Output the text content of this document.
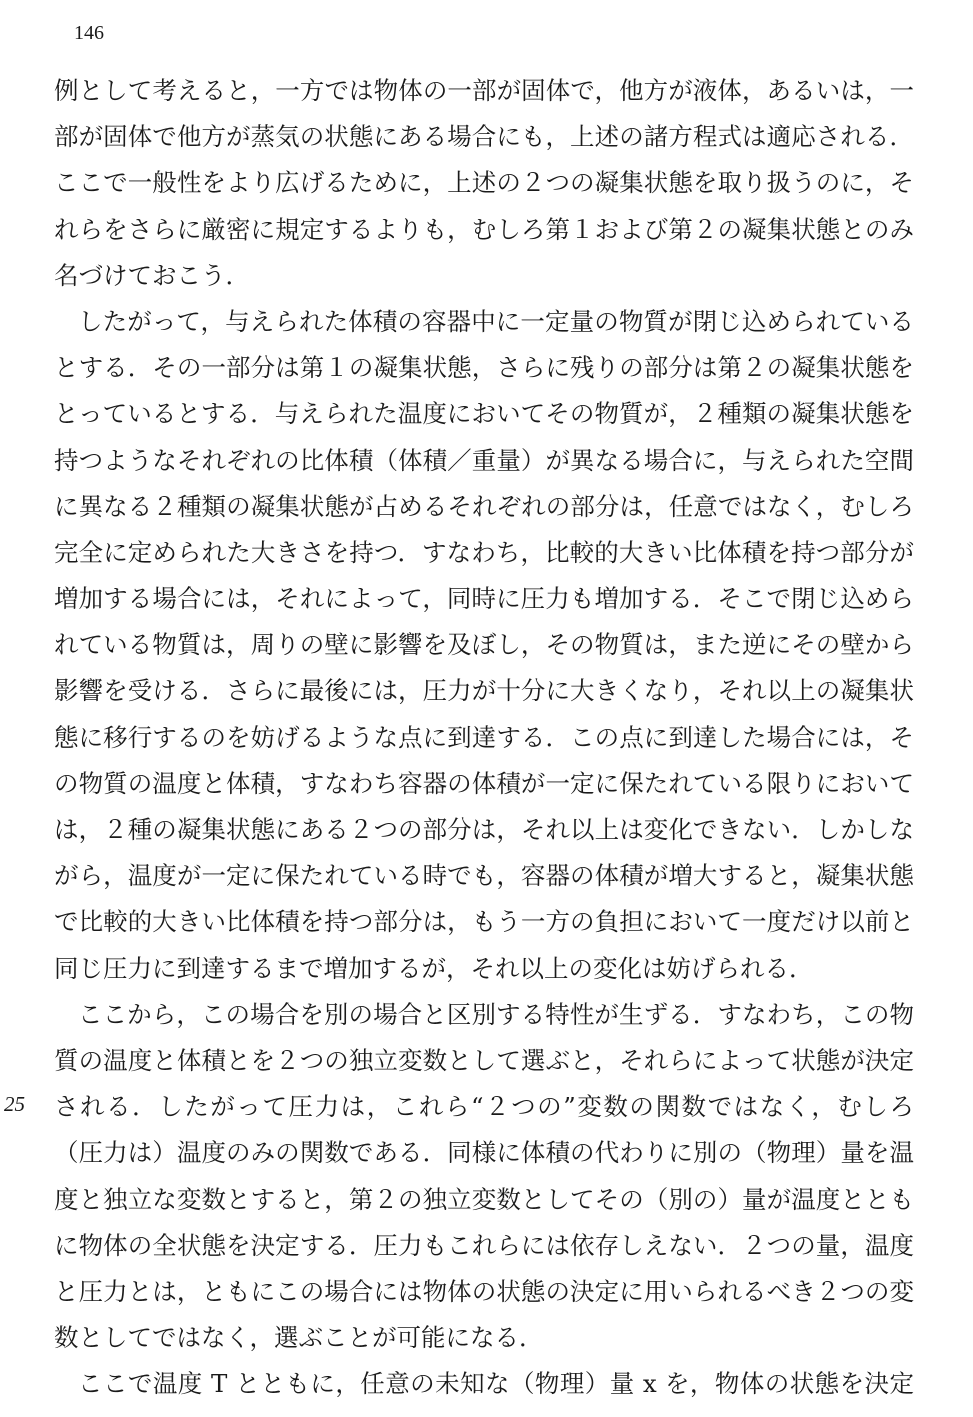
146
25
例として考えると，一方では物体の一部が固体で，他方が液体，あるいは，一
部が固体で他方が蒸気の状態にある場合にも，上述の諸方程式は適応される．
ここで一般性をより広げるために，上述の２つの凝集状態を取り扱うのに，そ
れらをさらに厳密に規定するよりも，むしろ第１および第２の凝集状態とのみ
名づけておこう．
したがって，与えられた体積の容器中に一定量の物質が閉じ込められている
とする．その一部分は第１の凝集状態，さらに残りの部分は第２の凝集状態を
とっているとする．与えられた温度においてその物質が，２種類の凝集状態を
持つようなそれぞれの比体積（体積／重量）が異なる場合に，与えられた空間
に異なる２種類の凝集状態が占めるそれぞれの部分は，任意ではなく，むしろ
完全に定められた大きさを持つ．すなわち，比較的大きい比体積を持つ部分が
増加する場合には，それによって，同時に圧力も増加する．そこで閉じ込めら
れている物質は，周りの壁に影響を及ぼし，その物質は，また逆にその壁から
影響を受ける．さらに最後には，圧力が十分に大きくなり，それ以上の凝集状
態に移行するのを妨げるような点に到達する．この点に到達した場合には，そ
の物質の温度と体積，すなわち容器の体積が一定に保たれている限りにおいて
は，２種の凝集状態にある２つの部分は，それ以上は変化できない．しかしな
がら，温度が一定に保たれている時でも，容器の体積が増大すると，凝集状態
で比較的大きい比体積を持つ部分は，もう一方の負担において一度だけ以前と
同じ圧力に到達するまで増加するが，それ以上の変化は妨げられる．
ここから，この場合を別の場合と区別する特性が生ずる．すなわち，この物
質の温度と体積とを２つの独立変数として選ぶと，それらによって状態が決定
される．したがって圧力は，これら“２つの”変数の関数ではなく，むしろ
（圧力は）温度のみの関数である．同様に体積の代わりに別の（物理）量を温
度と独立な変数とすると，第２の独立変数としてその（別の）量が温度ととも
に物体の全状態を決定する．圧力もこれらには依存しえない．２つの量，温度
と圧力とは，ともにこの場合には物体の状態の決定に用いられるべき２つの変
数としてではなく，選ぶことが可能になる．
ここで温度 T とともに，任意の未知な（物理）量 x を，物体の状態を決定
